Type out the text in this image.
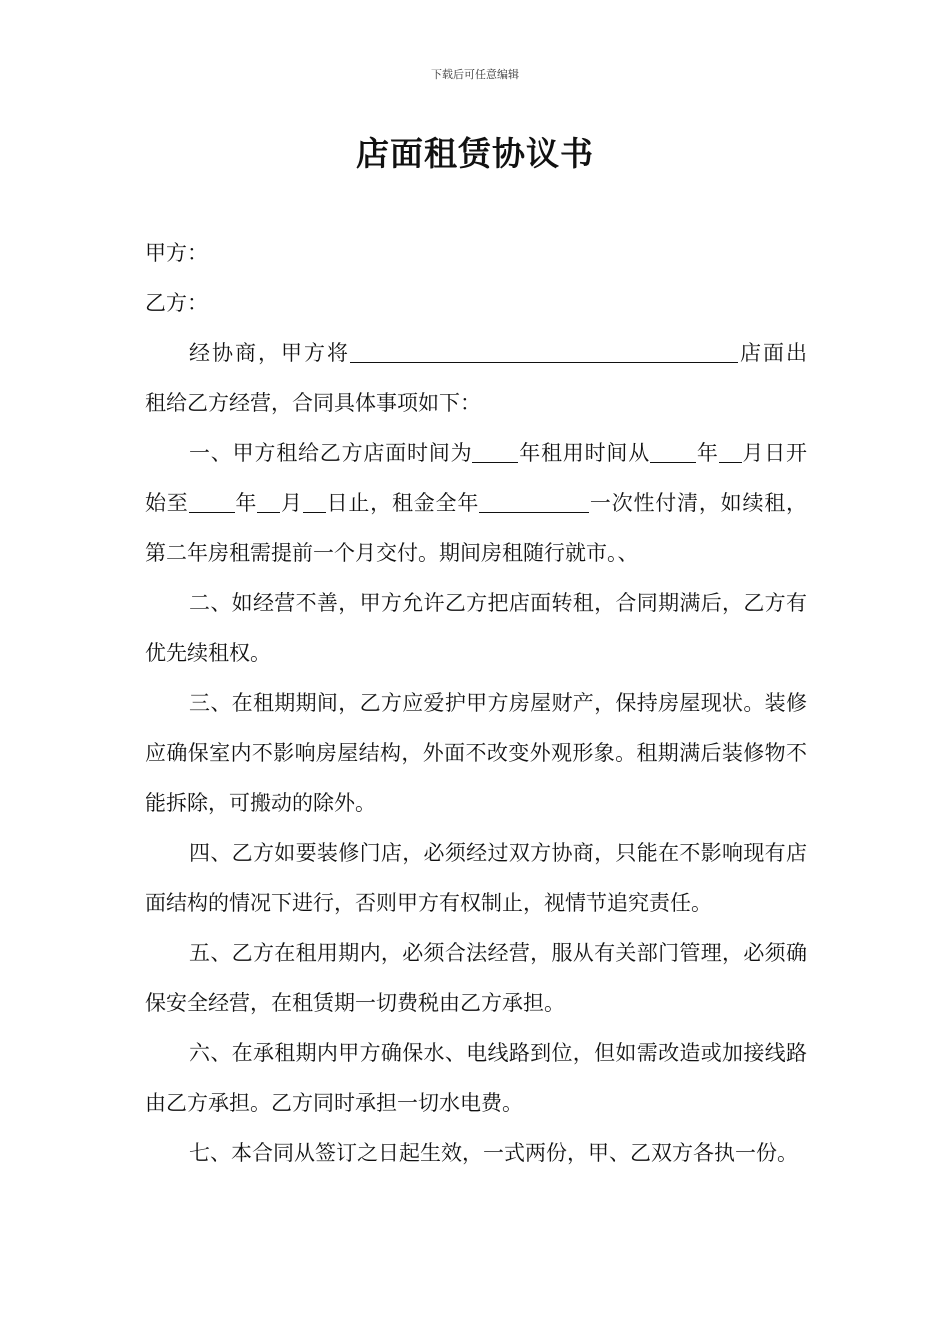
下载后可任意编辑
店面租赁协议书

甲方：

乙方：

经协商，甲方将	店面出租给乙方经营，合同具体事项如下：

一、甲方租给乙方店面时间为 年租用时间从 年 月日开始至 年 月 日止，租金全年	一次性付清，如续租，第二年房租需提前一个月交付。期间房租随行就市。、

二、如经营不善，甲方允许乙方把店面转租，合同期满后，乙方有优先续租权。

三、在租期期间，乙方应爱护甲方房屋财产，保持房屋现状。装修应确保室内不影响房屋结构，外面不改变外观形象。租期满后装修物不能拆除，可搬动的除外。

四、乙方如要装修门店，必须经过双方协商，只能在不影响现有店面结构的情况下进行，否则甲方有权制止，视情节追究责任。

五、乙方在租用期内，必须合法经营，服从有关部门管理，必须确保安全经营，在租赁期一切费税由乙方承担。

六、在承租期内甲方确保水、电线路到位，但如需改造或加接线路由乙方承担。乙方同时承担一切水电费。

七、本合同从签订之日起生效，一式两份，甲、乙双方各执一份。
